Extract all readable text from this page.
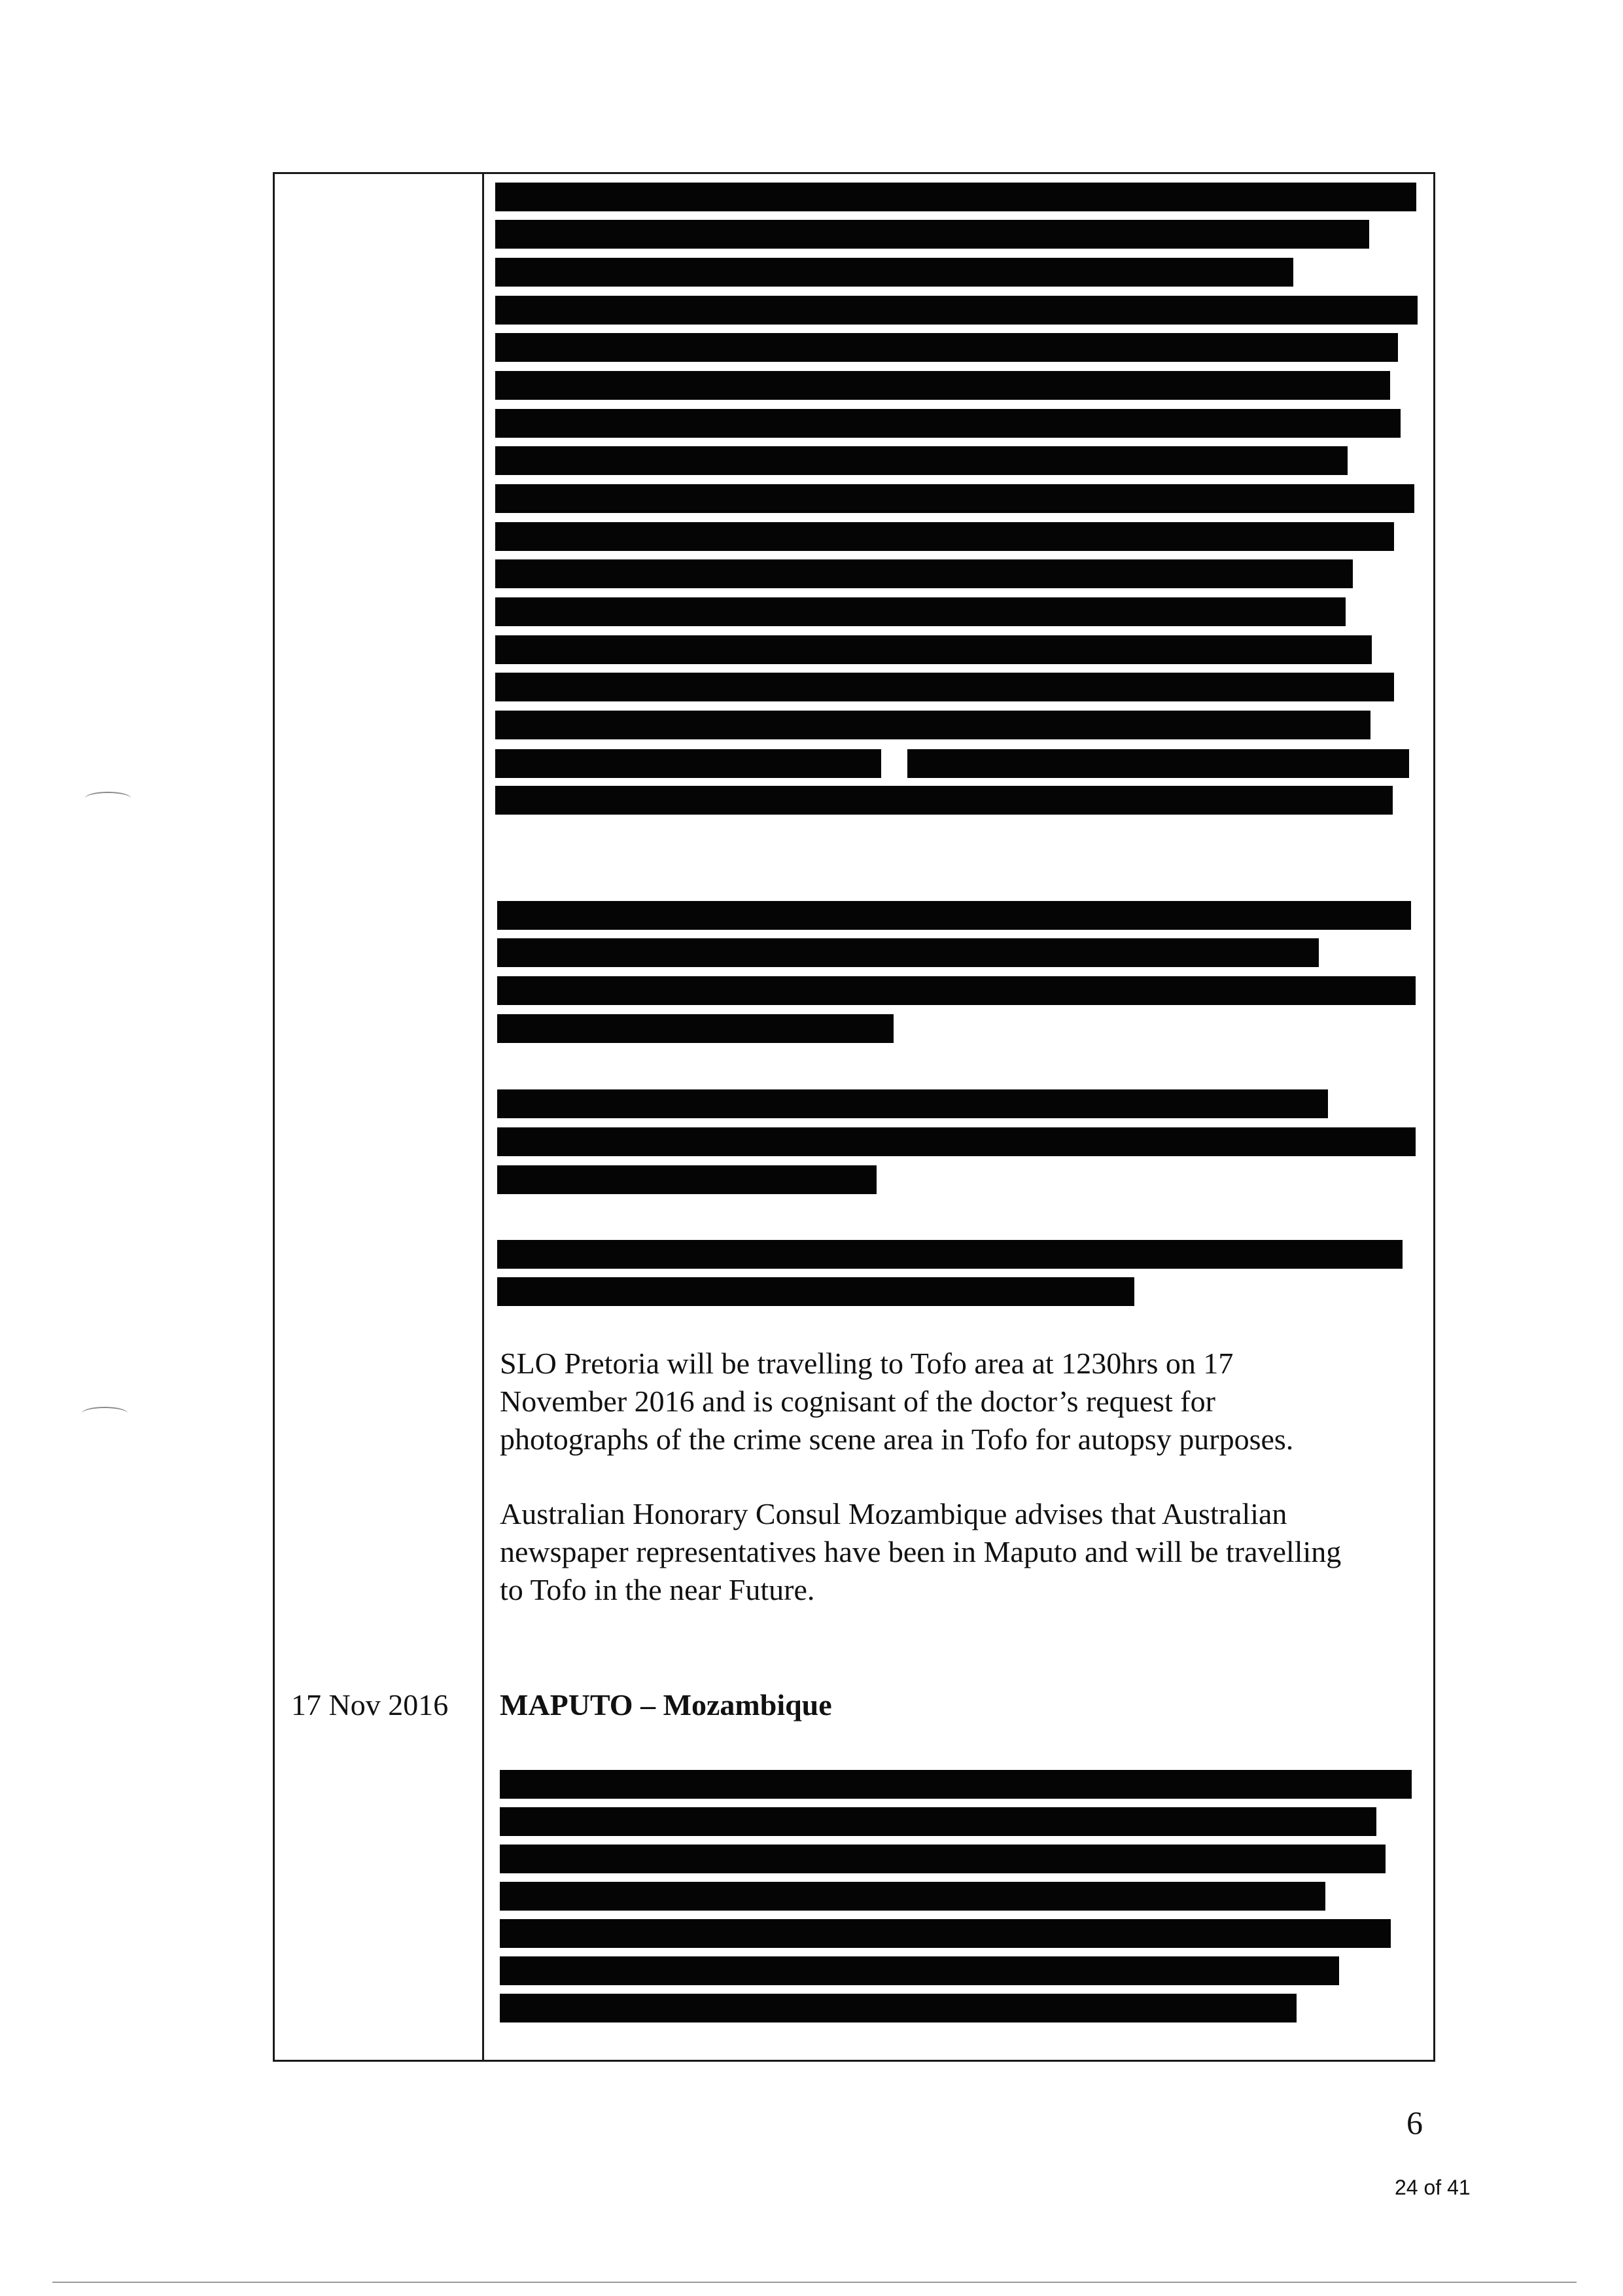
SLO Pretoria will be travelling to Tofo area at 1230hrs on 17
November 2016 and is cognisant of the doctor’s request for
photographs of the crime scene area in Tofo for autopsy purposes.

Australian Honorary Consul Mozambique advises that Australian
newspaper representatives have been in Maputo and will be travelling
to Tofo in the near Future.

17 Nov 2016	MAPUTO – Mozambique
6
24 of 41
